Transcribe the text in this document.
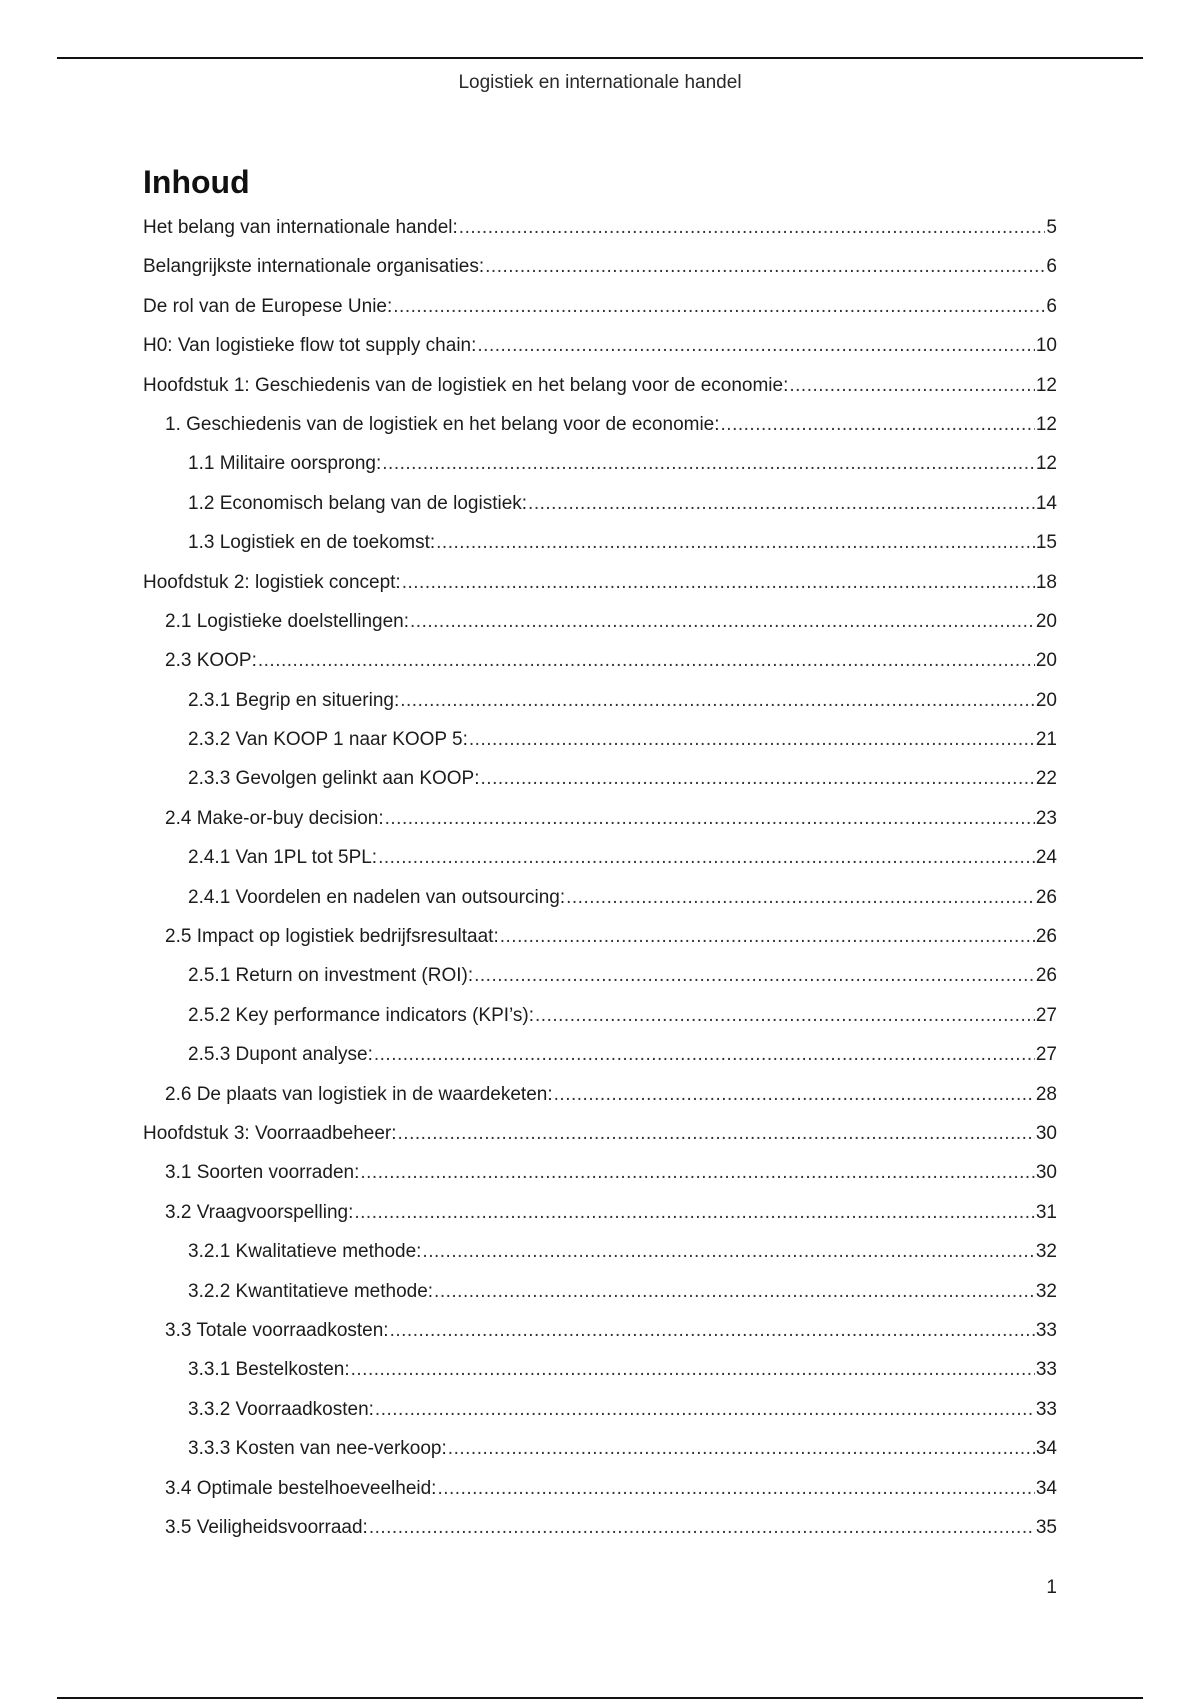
Logistiek en internationale handel
Inhoud
Het belang van internationale handel: .....	5
Belangrijkste internationale organisaties: .....	6
De rol van de Europese Unie: .....	6
H0: Van logistieke flow tot supply chain: .....	10
Hoofdstuk 1: Geschiedenis van de logistiek en het belang voor de economie: .....	12
1. Geschiedenis van de logistiek en het belang voor de economie: .....	12
1.1 Militaire oorsprong: .....	12
1.2 Economisch belang van de logistiek: .....	14
1.3 Logistiek en de toekomst: .....	15
Hoofdstuk 2: logistiek concept: .....	18
2.1 Logistieke doelstellingen: .....	20
2.3 KOOP: .....	20
2.3.1 Begrip en situering: .....	20
2.3.2 Van KOOP 1 naar KOOP 5: .....	21
2.3.3 Gevolgen gelinkt aan KOOP: .....	22
2.4 Make-or-buy decision: .....	23
2.4.1 Van 1PL tot 5PL: .....	24
2.4.1 Voordelen en nadelen van outsourcing: .....	26
2.5 Impact op logistiek bedrijfsresultaat: .....	26
2.5.1 Return on investment (ROI): .....	26
2.5.2 Key performance indicators (KPI’s): .....	27
2.5.3 Dupont analyse: .....	27
2.6 De plaats van logistiek in de waardeketen: .....	28
Hoofdstuk 3: Voorraadbeheer: .....	30
3.1 Soorten voorraden: .....	30
3.2 Vraagvoorspelling: .....	31
3.2.1 Kwalitatieve methode: .....	32
3.2.2 Kwantitatieve methode: .....	32
3.3 Totale voorraadkosten: .....	33
3.3.1 Bestelkosten: .....	33
3.3.2 Voorraadkosten: .....	33
3.3.3 Kosten van nee-verkoop: .....	34
3.4 Optimale bestelhoeveelheid: .....	34
3.5 Veiligheidsvoorraad: .....	35
1
